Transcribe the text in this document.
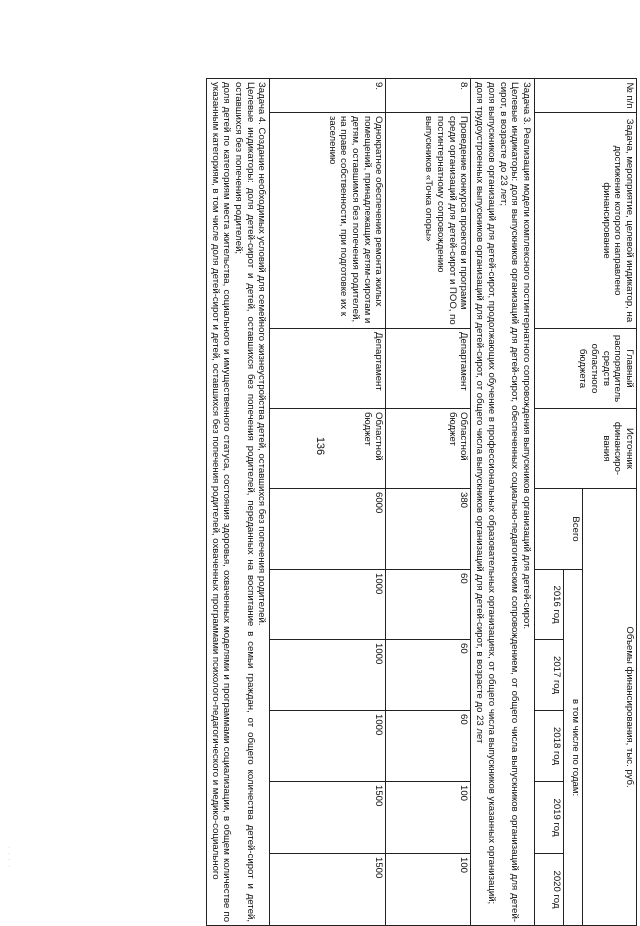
136
· · · ·
№ п/п	Задача, мероприятие, целевой индикатор, на достижение которого направлено финансирование	Главный распорядитель средств областного бюджета	Источник финансиро-вания	Объемы финансирования, тыс. руб.					
				Всего	в том числе по годам:				
					2016 год	2017 год	2018 год	2019 год	2020 год

Задача 3. Реализация модели комплексного постинтернатного сопровождения выпускников организаций для детей-сирот.
Целевые индикаторы: доля выпускников организаций для детей-сирот, обеспеченных социально-педагогическим сопровождением, от общего числа выпускников организаций для детей-сирот, в возрасте до 23 лет;
доля выпускников организаций для детей-сирот, продолжающих обучение в профессиональных образовательных организациях, от общего числа выпускников указанных организаций;
доля трудоустроенных выпускников организаций для детей-сирот, от общего числа выпускников организаций для детей-сирот, в возрасте до 23 лет									

8.	Проведение конкурса проектов и программ среди организаций для детей-сирот и ПОО, по постинтернатному сопровождению выпускников «Точка опоры»	Департамент	Областной бюджет	380	60	60	60	100	100
9.	Однократное обеспечение ремонта жилых помещений, принадлежащих детям-сиротам и детям, оставшимся без попечения родителей, на праве собственности, при подготовке их к заселению	Департамент	Областной бюджет	6000	1000	1000	1000	1500	1500

Задача 4. Создание необходимых условий для семейного жизнеустройства детей, оставшихся без попечения родителей.
Целевые индикаторы: доля детей-сирот и детей, оставшихся без попечения родителей, переданных на воспитание в семьи граждан, от общего количества детей-сирот и детей, оставшихся без попечения родителей;
доля детей по категориям места жительства, социального и имущественного статуса, состояния здоровья, охваченных моделями и программами социализации, в общем количестве по указанным категориям, в том числе доля детей-сирот и детей, оставшихся без попечения родителей, охваченных программами психолого-педагогического и медико-социального									
